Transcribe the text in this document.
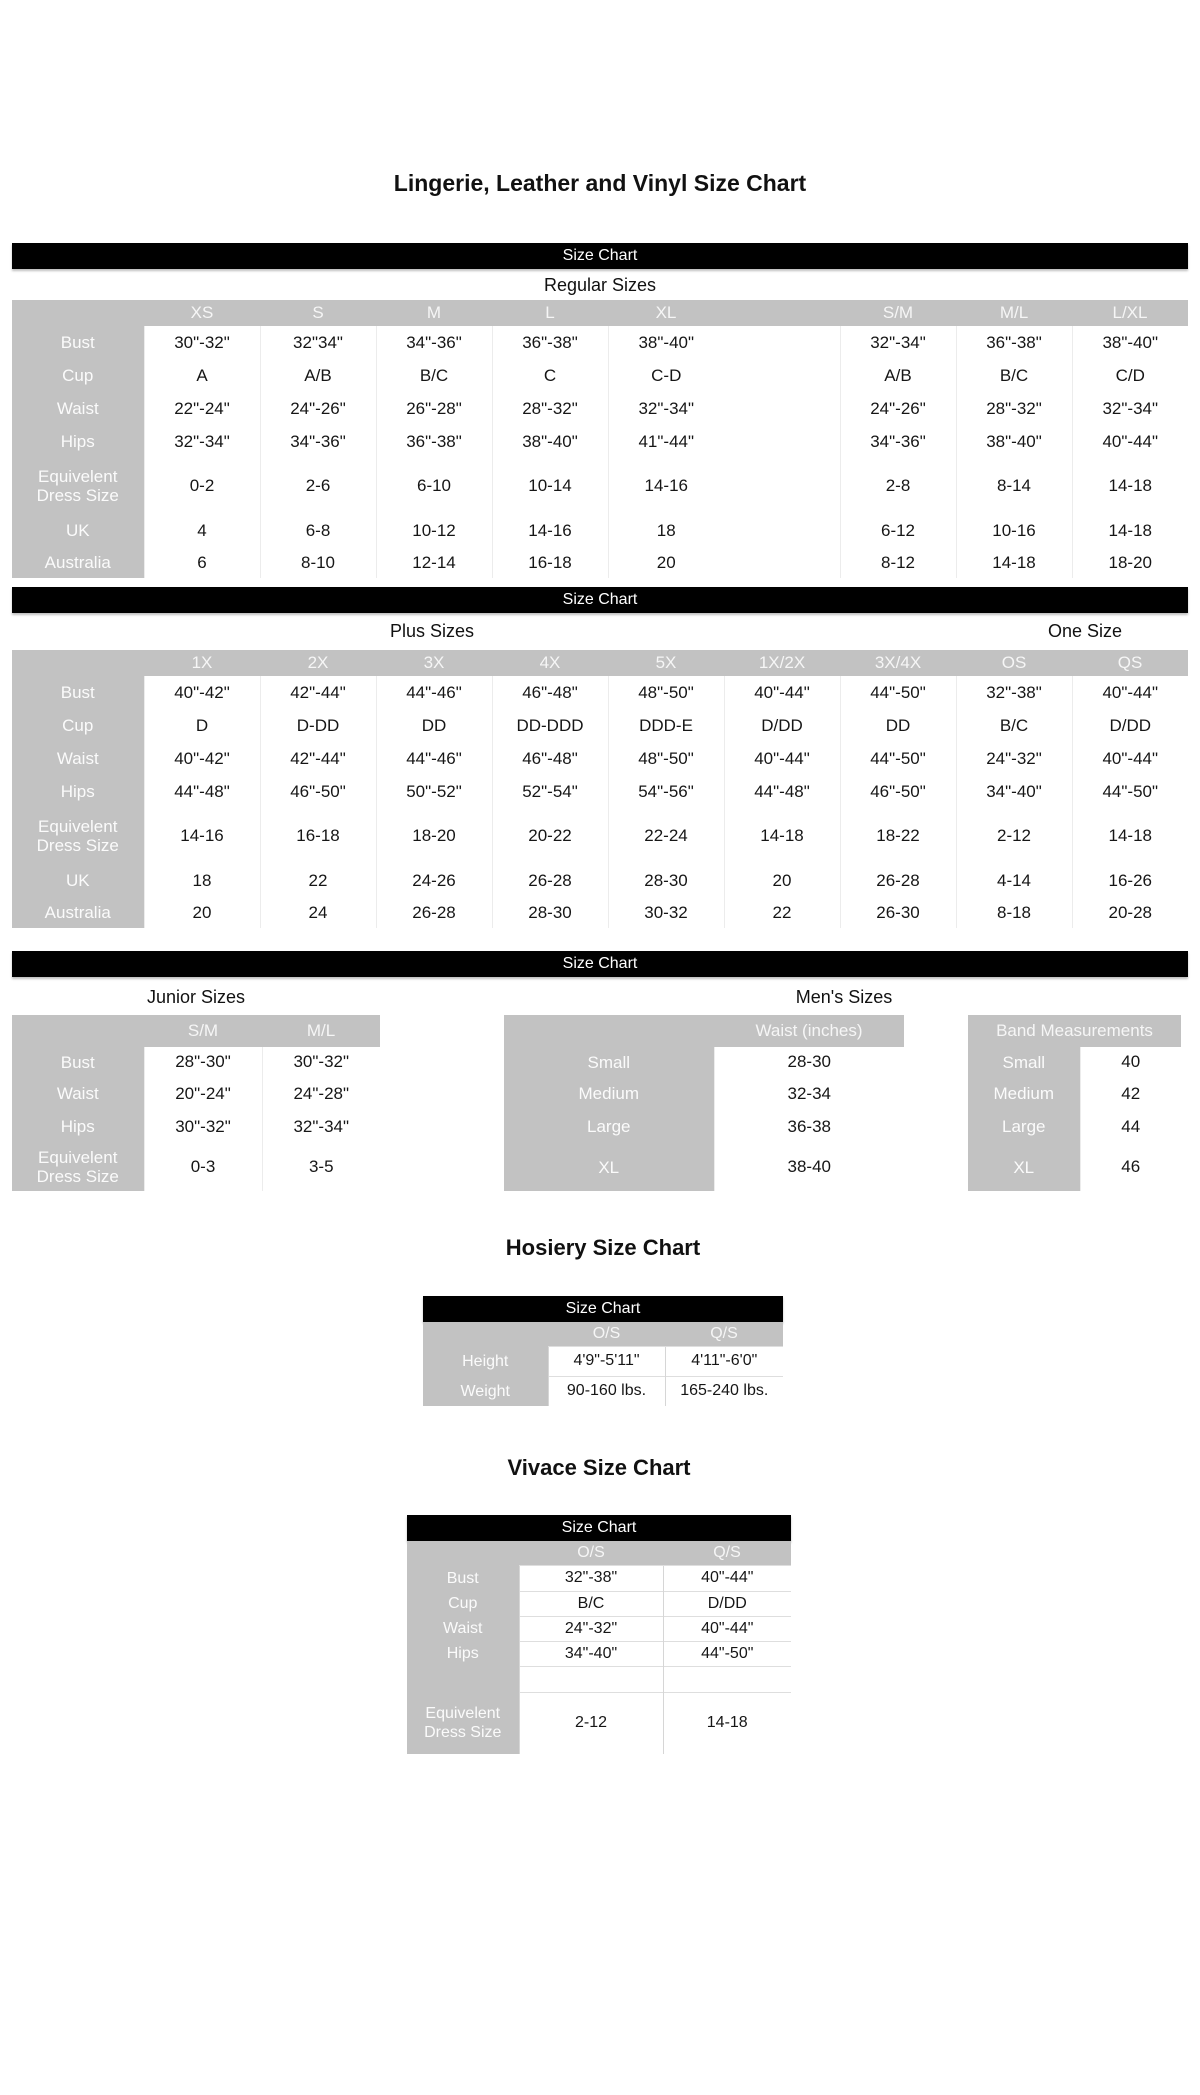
Lingerie, Leather and Vinyl Size Chart
Size Chart
Regular Sizes
	XS	S	M	L	XL		S/M	M/L	L/XL
Bust	30"-32"	32"34"	34"-36"	36"-38"	38"-40"		32"-34"	36"-38"	38"-40"
Cup	A	A/B	B/C	C	C-D		A/B	B/C	C/D
Waist	22"-24"	24"-26"	26"-28"	28"-32"	32"-34"		24"-26"	28"-32"	32"-34"
Hips	32"-34"	34"-36"	36"-38"	38"-40"	41"-44"		34"-36"	38"-40"	40"-44"
Equivelent Dress Size	0-2	2-6	6-10	10-14	14-16		2-8	8-14	14-18
UK	4	6-8	10-12	14-16	18		6-12	10-16	14-18
Australia	6	8-10	12-14	16-18	20		8-12	14-18	18-20
Size Chart
Plus Sizes	One Size
	1X	2X	3X	4X	5X	1X/2X	3X/4X	OS	QS
Bust	40"-42"	42"-44"	44"-46"	46"-48"	48"-50"	40"-44"	44"-50"	32"-38"	40"-44"
Cup	D	D-DD	DD	DD-DDD	DDD-E	D/DD	DD	B/C	D/DD
Waist	40"-42"	42"-44"	44"-46"	46"-48"	48"-50"	40"-44"	44"-50"	24"-32"	40"-44"
Hips	44"-48"	46"-50"	50"-52"	52"-54"	54"-56"	44"-48"	46"-50"	34"-40"	44"-50"
Equivelent Dress Size	14-16	16-18	18-20	20-22	22-24	14-18	18-22	2-12	14-18
UK	18	22	24-26	26-28	28-30	20	26-28	4-14	16-26
Australia	20	24	26-28	28-30	30-32	22	26-30	8-18	20-28
Size Chart
Junior Sizes	Men's Sizes
	S/M	M/L
Bust	28"-30"	30"-32"
Waist	20"-24"	24"-28"
Hips	30"-32"	32"-34"
Equivelent Dress Size	0-3	3-5
	Waist (inches)
Small	28-30
Medium	32-34
Large	36-38
XL	38-40
Band Measurements	
Small	40
Medium	42
Large	44
XL	46
Hosiery Size Chart
Size Chart
	O/S	Q/S
Height	4'9"-5'11"	4'11"-6'0"
Weight	90-160 lbs.	165-240 lbs.
Vivace Size Chart
Size Chart
	O/S	Q/S
Bust	32"-38"	40"-44"
Cup	B/C	D/DD
Waist	24"-32"	40"-44"
Hips	34"-40"	44"-50"

Equivelent Dress Size	2-12	14-18
